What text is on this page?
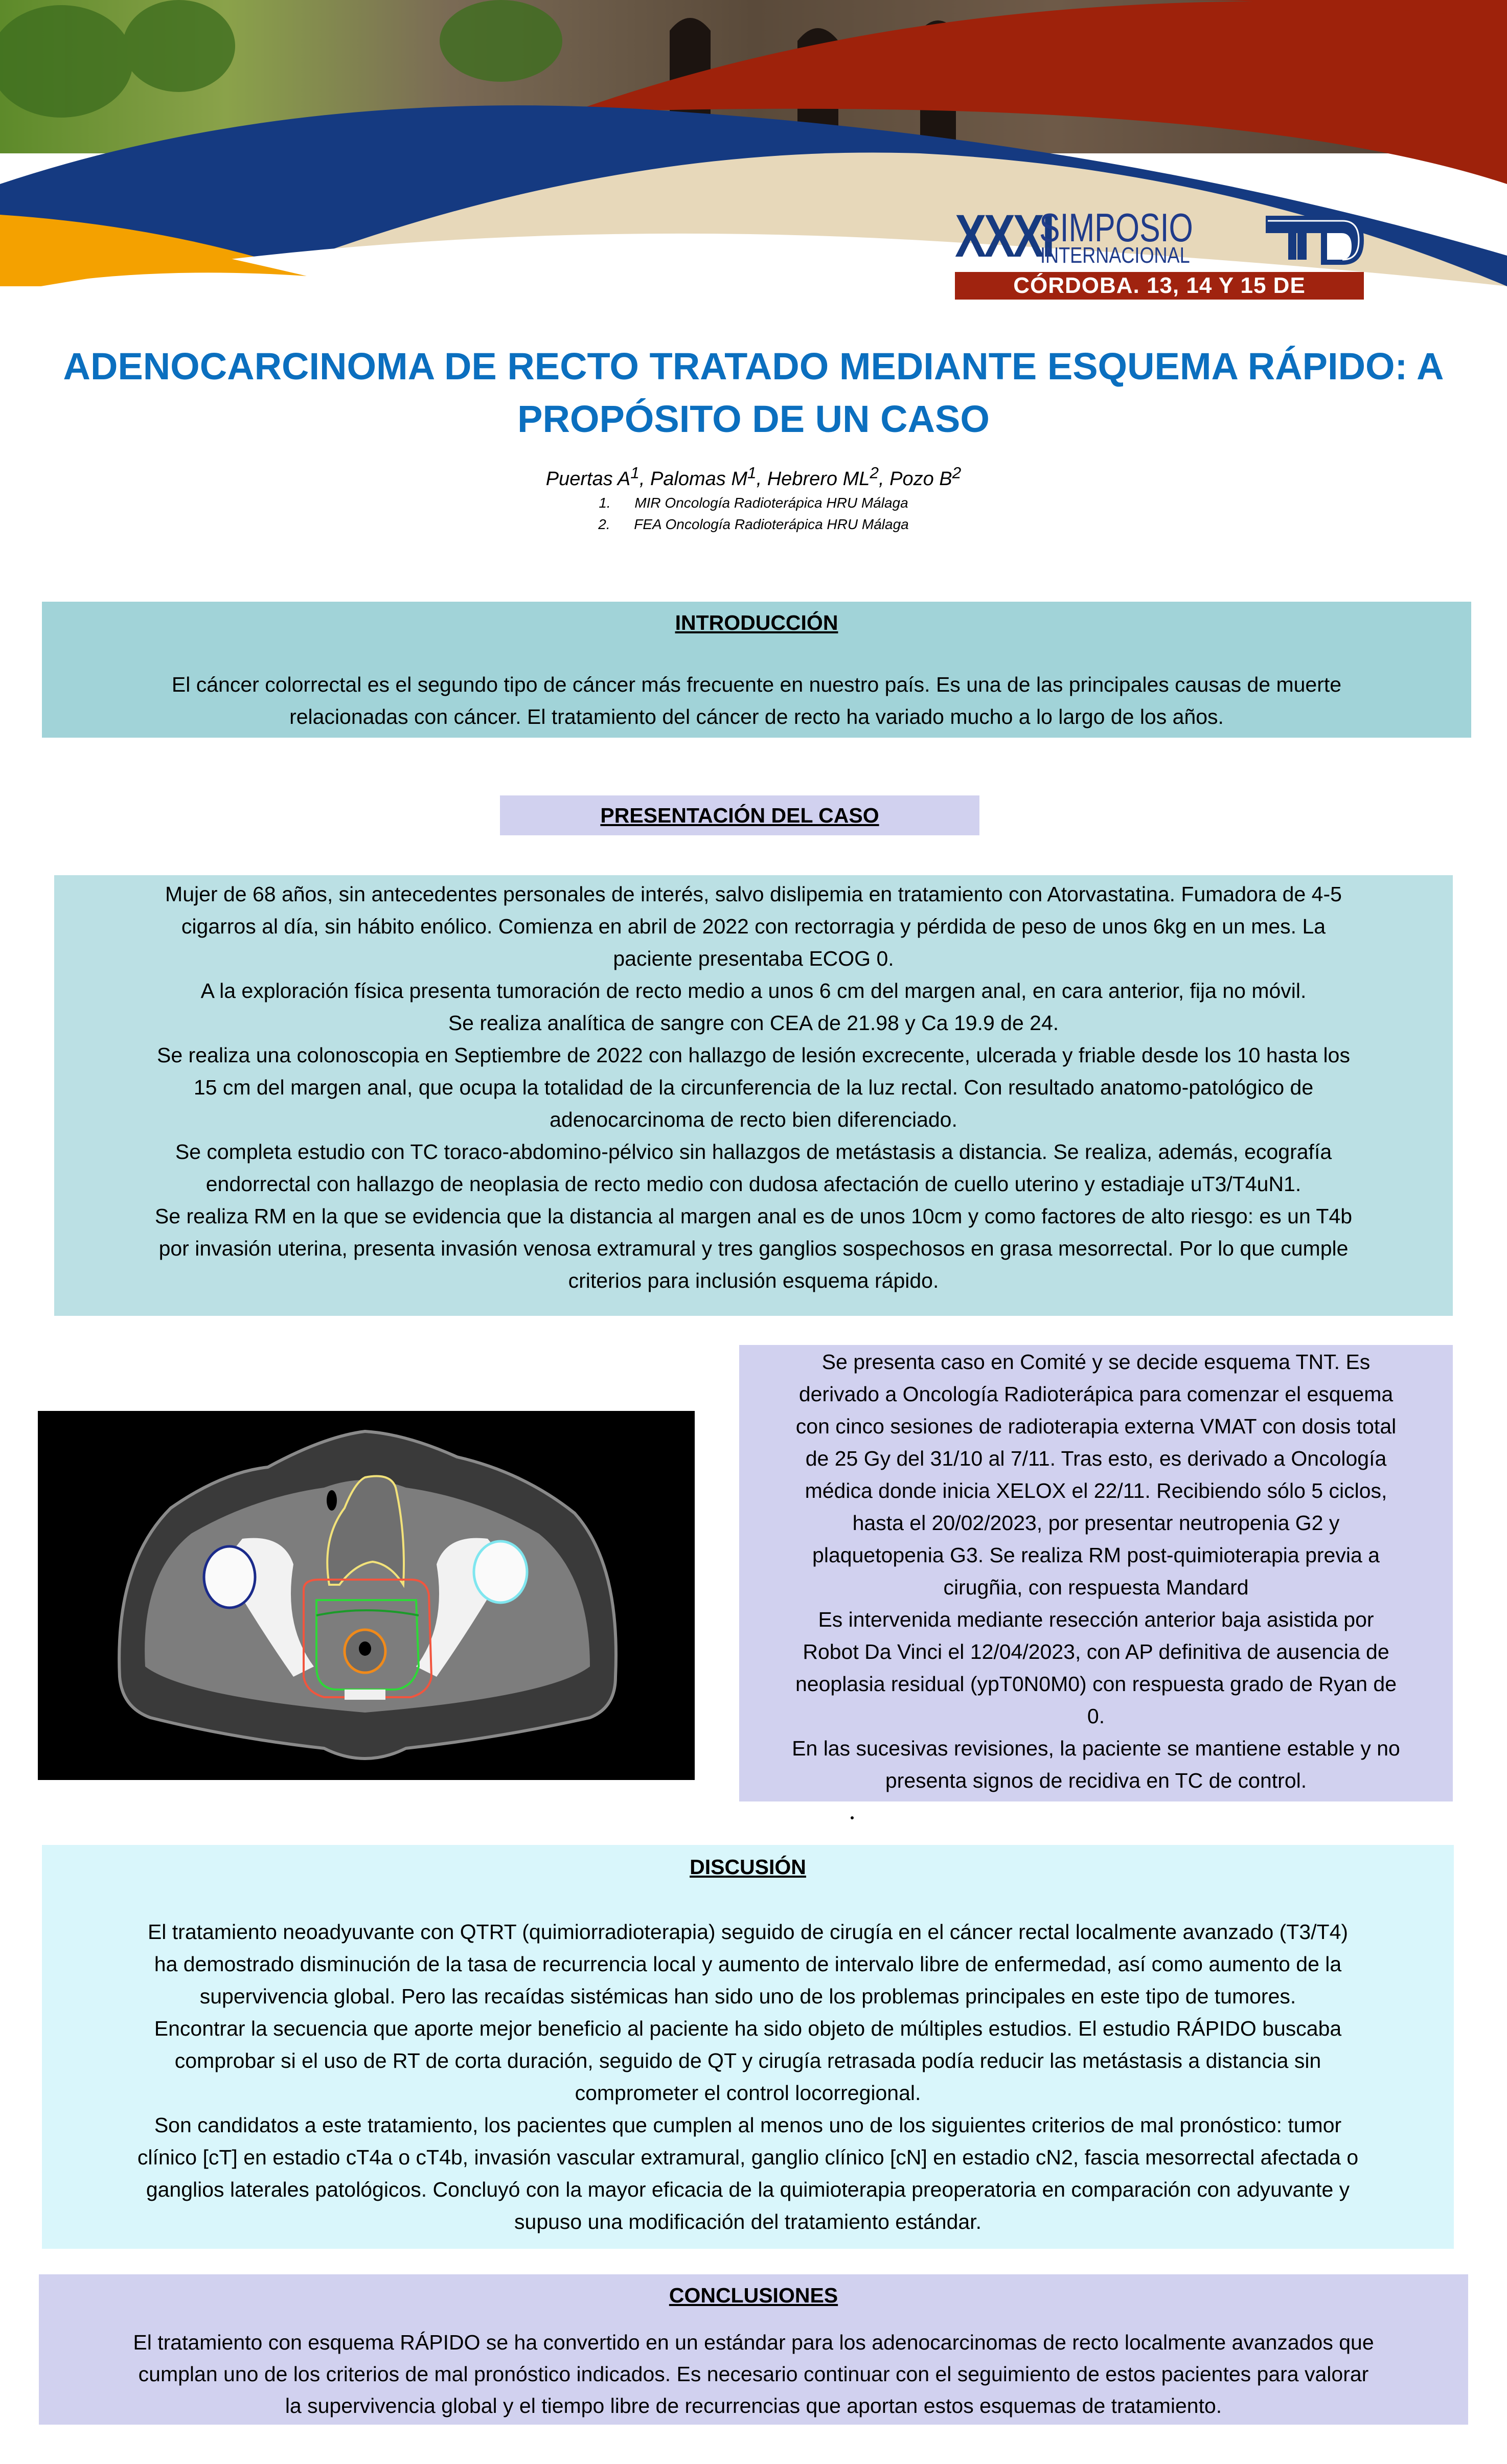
XXXI
SIMPOSIO
INTERNACIONAL
CÓRDOBA. 13, 14 Y 15 DE DICIEMBRE DE 2023
ADENOCARCINOMA DE RECTO TRATADO MEDIANTE ESQUEMA RÁPIDO: A
PROPÓSITO DE UN CASO
Puertas $A^1$, Palomas $M^1$, Hebrero $ML^2$, Pozo $B^2$
1. MIR Oncología Radioterápica HRU Málaga
2. FEA Oncología Radioterápica HRU Málaga
INTRODUCCIÓN

El cáncer colorrectal es el segundo tipo de cáncer más frecuente en nuestro país. Es una de las principales causas de muerte

relacionadas con cáncer. El tratamiento del cáncer de recto ha variado mucho a lo largo de los años.

PRESENTACIÓN DEL CASO

Mujer de 68 años, sin antecedentes personales de interés, salvo dislipemia en tratamiento con Atorvastatina. Fumadora de 4-5

cigarros al día, sin hábito enólico. Comienza en abril de 2022 con rectorragia y pérdida de peso de unos 6kg en un mes. La

paciente presentaba ECOG 0.

A la exploración física presenta tumoración de recto medio a unos 6 cm del margen anal, en cara anterior, fija no móvil.

Se realiza analítica de sangre con CEA de 21.98 y Ca 19.9 de 24.

Se realiza una colonoscopia en Septiembre de 2022 con hallazgo de lesión excrecente, ulcerada y friable desde los 10 hasta los

15 cm del margen anal, que ocupa la totalidad de la circunferencia de la luz rectal. Con resultado anatomo-patológico de

adenocarcinoma de recto bien diferenciado.

Se completa estudio con TC toraco-abdomino-pélvico sin hallazgos de metástasis a distancia. Se realiza, además, ecografía

endorrectal con hallazgo de neoplasia de recto medio con dudosa afectación de cuello uterino y estadiaje uT3/T4uN1.

Se realiza RM en la que se evidencia que la distancia al margen anal es de unos 10cm y como factores de alto riesgo: es un T4b

por invasión uterina, presenta invasión venosa extramural y tres ganglios sospechosos en grasa mesorrectal. Por lo que cumple

criterios para inclusión esquema rápido.

Se presenta caso en Comité y se decide esquema TNT. Es

derivado a Oncología Radioterápica para comenzar el esquema

con cinco sesiones de radioterapia externa VMAT con dosis total

de 25 Gy del 31/10 al 7/11. Tras esto, es derivado a Oncología

médica donde inicia XELOX el 22/11. Recibiendo sólo 5 ciclos,

hasta el 20/02/2023, por presentar neutropenia G2 y

plaquetopenia G3. Se realiza RM post-quimioterapia previa a

cirugñia, con respuesta Mandard

Es intervenida mediante resección anterior baja asistida por

Robot Da Vinci el 12/04/2023, con AP definitiva de ausencia de

neoplasia residual (ypT0N0M0) con respuesta grado de Ryan de

0.

En las sucesivas revisiones, la paciente se mantiene estable y no

presenta signos de recidiva en TC de control.

DISCUSIÓN

El tratamiento neoadyuvante con QTRT (quimiorradioterapia) seguido de cirugía en el cáncer rectal localmente avanzado (T3/T4)

ha demostrado disminución de la tasa de recurrencia local y aumento de intervalo libre de enfermedad, así como aumento de la

supervivencia global. Pero las recaídas sistémicas han sido uno de los problemas principales en este tipo de tumores.

Encontrar la secuencia que aporte mejor beneficio al paciente ha sido objeto de múltiples estudios. El estudio RÁPIDO buscaba

comprobar si el uso de RT de corta duración, seguido de QT y cirugía retrasada podía reducir las metástasis a distancia sin

comprometer el control locorregional.

Son candidatos a este tratamiento, los pacientes que cumplen al menos uno de los siguientes criterios de mal pronóstico: tumor

clínico [cT] en estadio cT4a o cT4b, invasión vascular extramural, ganglio clínico [cN] en estadio cN2, fascia mesorrectal afectada o

ganglios laterales patológicos. Concluyó con la mayor eficacia de la quimioterapia preoperatoria en comparación con adyuvante y

supuso una modificación del tratamiento estándar.

CONCLUSIONES

El tratamiento con esquema RÁPIDO se ha convertido en un estándar para los adenocarcinomas de recto localmente avanzados que

cumplan uno de los criterios de mal pronóstico indicados. Es necesario continuar con el seguimiento de estos pacientes para valorar

la supervivencia global y el tiempo libre de recurrencias que aportan estos esquemas de tratamiento.
